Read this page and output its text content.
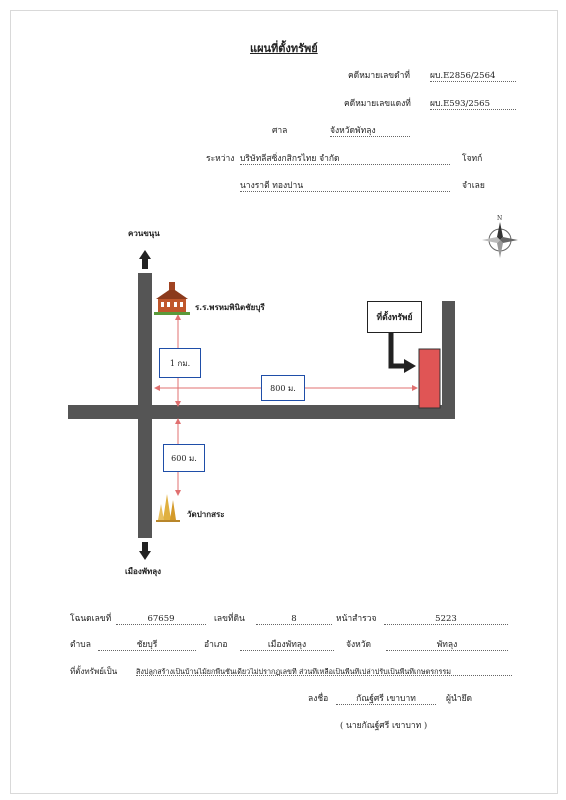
แผนที่ตั้งทรัพย์
คดีหมายเลขดำที่ ผบ.E2856/2564
คดีหมายเลขแดงที่ ผบ.E593/2565
ศาล	จังหวัดพัทลุง
ระหว่าง บริษัทลีสซิ่งกสิกรไทย จำกัด	โจทก์
นางราตี ทองปาน	จำเลย
N
ควนขนุน
เมืองพัทลุง
ร.ร.พรหมพินิตชัยบุรี
วัดปากสระ
ที่ตั้งทรัพย์
1 กม.
800 ม.
600 ม.
โฉนดเลขที่	67659	เลขที่ดิน	8	หน้าสำรวจ	5223
ตำบล	ชัยบุรี	อำเภอ	เมืองพัทลุง	จังหวัด	พัทลุง
ที่ตั้งทรัพย์เป็น	สิ่งปลูกสร้างเป็นบ้านไม้ยกพื้นชั้นเดียวไม่ปรากฏเลขที่ ส่วนที่เหลือเป็นพื้นที่เปล่าปรับเป็นพื้นที่เกษตรกรรม
ลงชื่อ	กัณฐ์ศรี เขาบาท	ผู้นำยึด
( นายกัณฐ์ศรี เขาบาท )
